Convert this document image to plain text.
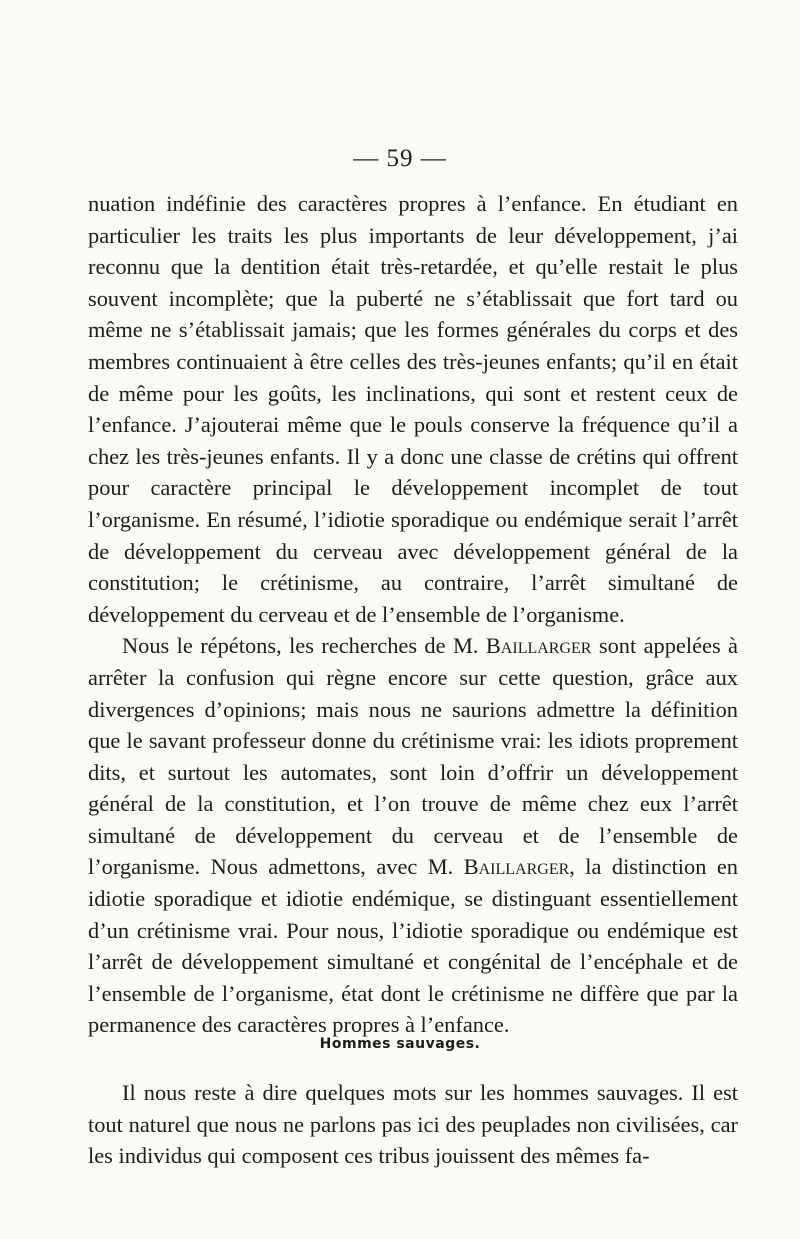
— 59 —

nuation indéfinie des caractères propres à l’enfance. En étudiant en particulier les traits les plus importants de leur développement, j’ai reconnu que la dentition était très-retardée, et qu’elle restait le plus souvent incomplète; que la puberté ne s’établissait que fort tard ou même ne s’établissait jamais; que les formes générales du corps et des membres continuaient à être celles des très-jeunes enfants; qu’il en était de même pour les goûts, les inclinations, qui sont et restent ceux de l’enfance. J’ajouterai même que le pouls conserve la fréquence qu’il a chez les très-jeunes enfants. Il y a donc une classe de crétins qui offrent pour caractère principal le développement incomplet de tout l’organisme. En résumé, l’idiotie sporadique ou endémique serait l’arrêt de développement du cerveau avec développement général de la constitution; le crétinisme, au contraire, l’arrêt simultané de développement du cerveau et de l’ensemble de l’organisme.

Nous le répétons, les recherches de M. Baillarger sont appelées à arrêter la confusion qui règne encore sur cette question, grâce aux divergences d’opinions; mais nous ne saurions admettre la définition que le savant professeur donne du crétinisme vrai: les idiots proprement dits, et surtout les automates, sont loin d’offrir un développement général de la constitution, et l’on trouve de même chez eux l’arrêt simultané de développement du cerveau et de l’ensemble de l’organisme. Nous admettons, avec M. Baillarger, la distinction en idiotie sporadique et idiotie endémique, se distinguant essentiellement d’un crétinisme vrai. Pour nous, l’idiotie sporadique ou endémique est l’arrêt de développement simultané et congénital de l’encéphale et de l’ensemble de l’organisme, état dont le crétinisme ne diffère que par la permanence des caractères propres à l’enfance.

Hommes sauvages.

Il nous reste à dire quelques mots sur les hommes sauvages. Il est tout naturel que nous ne parlons pas ici des peuplades non civilisées, car les individus qui composent ces tribus jouissent des mêmes fa-
